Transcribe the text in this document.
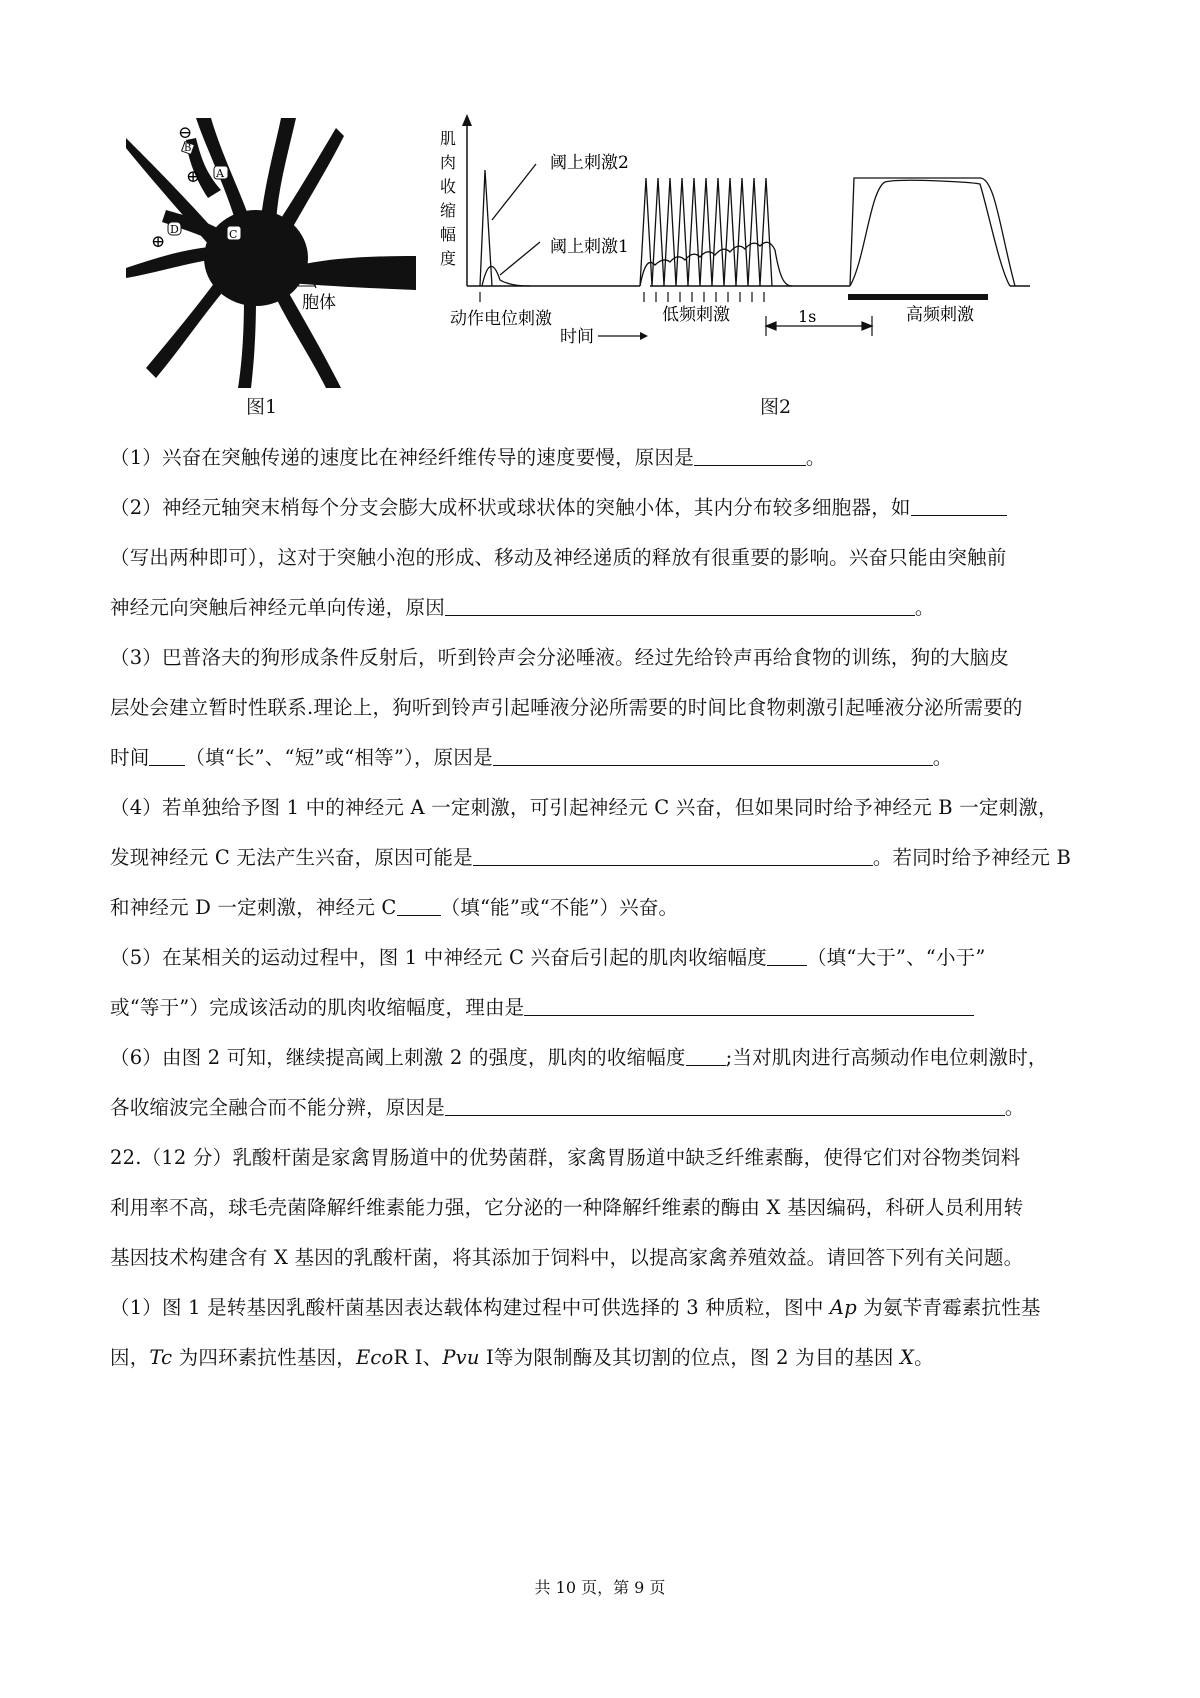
B
A
C
D
⊖
⊕
⊕
胞体
图1
肌
肉
收
缩
幅
度
阈上刺激2
阈上刺激1
动作电位刺激	低频刺激	高频刺激
1s
时间
图2

（1）兴奋在突触传递的速度比在神经纤维传导的速度要慢，原因是	。

（2）神经元轴突末梢每个分支会膨大成杯状或球状体的突触小体，其内分布较多细胞器，如

（写出两种即可），这对于突触小泡的形成、移动及神经递质的释放有很重要的影响。兴奋只能由突触前

神经元向突触后神经元单向传递，原因	。

（3）巴普洛夫的狗形成条件反射后，听到铃声会分泌唾液。经过先给铃声再给食物的训练，狗的大脑皮

层处会建立暂时性联系.理论上，狗听到铃声引起唾液分泌所需要的时间比食物刺激引起唾液分泌所需要的

时间 （填“长”、“短”或“相等”），原因是	。

（4）若单独给予图 1 中的神经元 A 一定刺激，可引起神经元 C 兴奋，但如果同时给予神经元 B 一定刺激，

发现神经元 C 无法产生兴奋，原因可能是	。若同时给予神经元 B

和神经元 D 一定刺激，神经元 C （填“能”或“不能”）兴奋。

（5）在某相关的运动过程中，图 1 中神经元 C 兴奋后引起的肌肉收缩幅度 （填“大于”、“小于”

或“等于”）完成该活动的肌肉收缩幅度，理由是

（6）由图 2 可知，继续提高阈上刺激 2 的强度，肌肉的收缩幅度 ;当对肌肉进行高频动作电位刺激时，

各收缩波完全融合而不能分辨，原因是	。

22.（12 分）乳酸杆菌是家禽胃肠道中的优势菌群，家禽胃肠道中缺乏纤维素酶，使得它们对谷物类饲料

利用率不高，球毛壳菌降解纤维素能力强，它分泌的一种降解纤维素的酶由 X 基因编码，科研人员利用转

基因技术构建含有 X 基因的乳酸杆菌，将其添加于饲料中，以提高家禽养殖效益。请回答下列有关问题。

（1）图 1 是转基因乳酸杆菌基因表达载体构建过程中可供选择的 3 种质粒，图中 Ap 为氨苄青霉素抗性基

因，Tc 为四环素抗性基因，EcoR Ⅰ、Pvu Ⅰ等为限制酶及其切割的位点，图 2 为目的基因 X。

共 10 页，第 9 页
